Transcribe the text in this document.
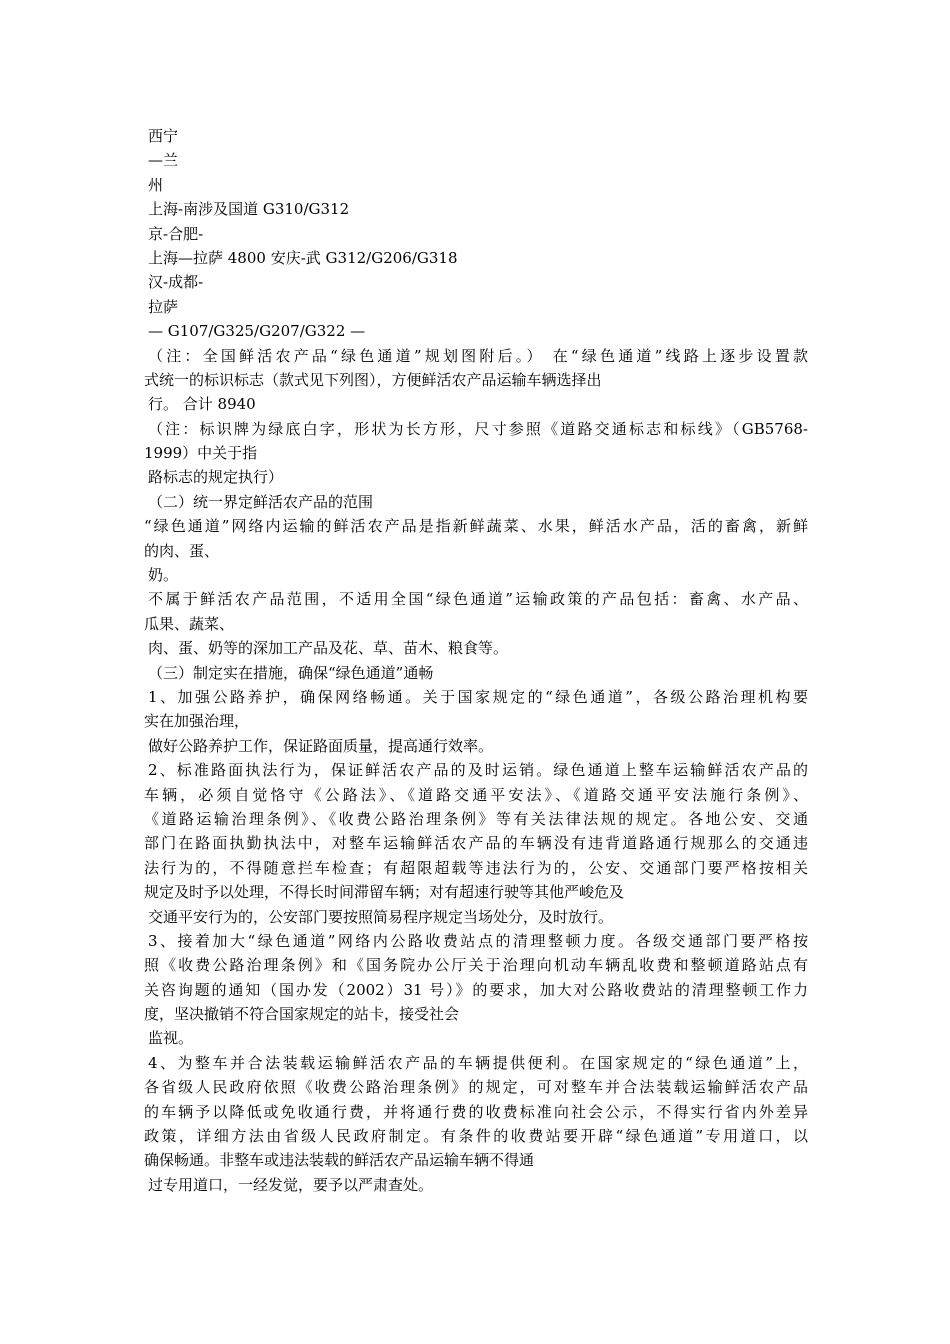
西宁
—兰
州
上海-南涉及国道 G310/G312
京-合肥-
上海—拉萨 4800 安庆-武 G312/G206/G318
汉-成都-
拉萨
— G107/G325/G207/G322 —
（注：全国鲜活农产品“绿色通道”规划图附后。） 在“绿色通道”线路上逐步设置款
式统一的标识标志（款式见下列图），方便鲜活农产品运输车辆选择出
行。 合计 8940
（注：标识牌为绿底白字，形状为长方形，尺寸参照《道路交通标志和标线》（GB5768-
1999）中关于指
路标志的规定执行）
（二）统一界定鲜活农产品的范围
“绿色通道”网络内运输的鲜活农产品是指新鲜蔬菜、水果，鲜活水产品，活的畜禽，新鲜
的肉、蛋、
奶。
不属于鲜活农产品范围，不适用全国“绿色通道”运输政策的产品包括：畜禽、水产品、
瓜果、蔬菜、
肉、蛋、奶等的深加工产品及花、草、苗木、粮食等。
（三）制定实在措施，确保“绿色通道”通畅
1、加强公路养护，确保网络畅通。关于国家规定的“绿色通道”，各级公路治理机构要
实在加强治理，
做好公路养护工作，保证路面质量，提高通行效率。
2、标准路面执法行为，保证鲜活农产品的及时运销。绿色通道上整车运输鲜活农产品的
车辆，必须自觉恪守《公路法》、《道路交通平安法》、《道路交通平安法施行条例》、
《道路运输治理条例》、《收费公路治理条例》等有关法律法规的规定。各地公安、交通
部门在路面执勤执法中，对整车运输鲜活农产品的车辆没有违背道路通行规那么的交通违
法行为的，不得随意拦车检查；有超限超载等违法行为的，公安、交通部门要严格按相关
规定及时予以处理，不得长时间滞留车辆；对有超速行驶等其他严峻危及
交通平安行为的，公安部门要按照简易程序规定当场处分，及时放行。
3、接着加大“绿色通道”网络内公路收费站点的清理整顿力度。各级交通部门要严格按
照《收费公路治理条例》和《国务院办公厅关于治理向机动车辆乱收费和整顿道路站点有
关咨询题的通知（国办发（2002）31 号）》的要求，加大对公路收费站的清理整顿工作力
度，坚决撤销不符合国家规定的站卡，接受社会
监视。
4、为整车并合法装载运输鲜活农产品的车辆提供便利。在国家规定的“绿色通道”上，
各省级人民政府依照《收费公路治理条例》的规定，可对整车并合法装载运输鲜活农产品
的车辆予以降低或免收通行费，并将通行费的收费标准向社会公示，不得实行省内外差异
政策，详细方法由省级人民政府制定。有条件的收费站要开辟“绿色通道”专用道口，以
确保畅通。非整车或违法装载的鲜活农产品运输车辆不得通
过专用道口，一经发觉，要予以严肃查处。
